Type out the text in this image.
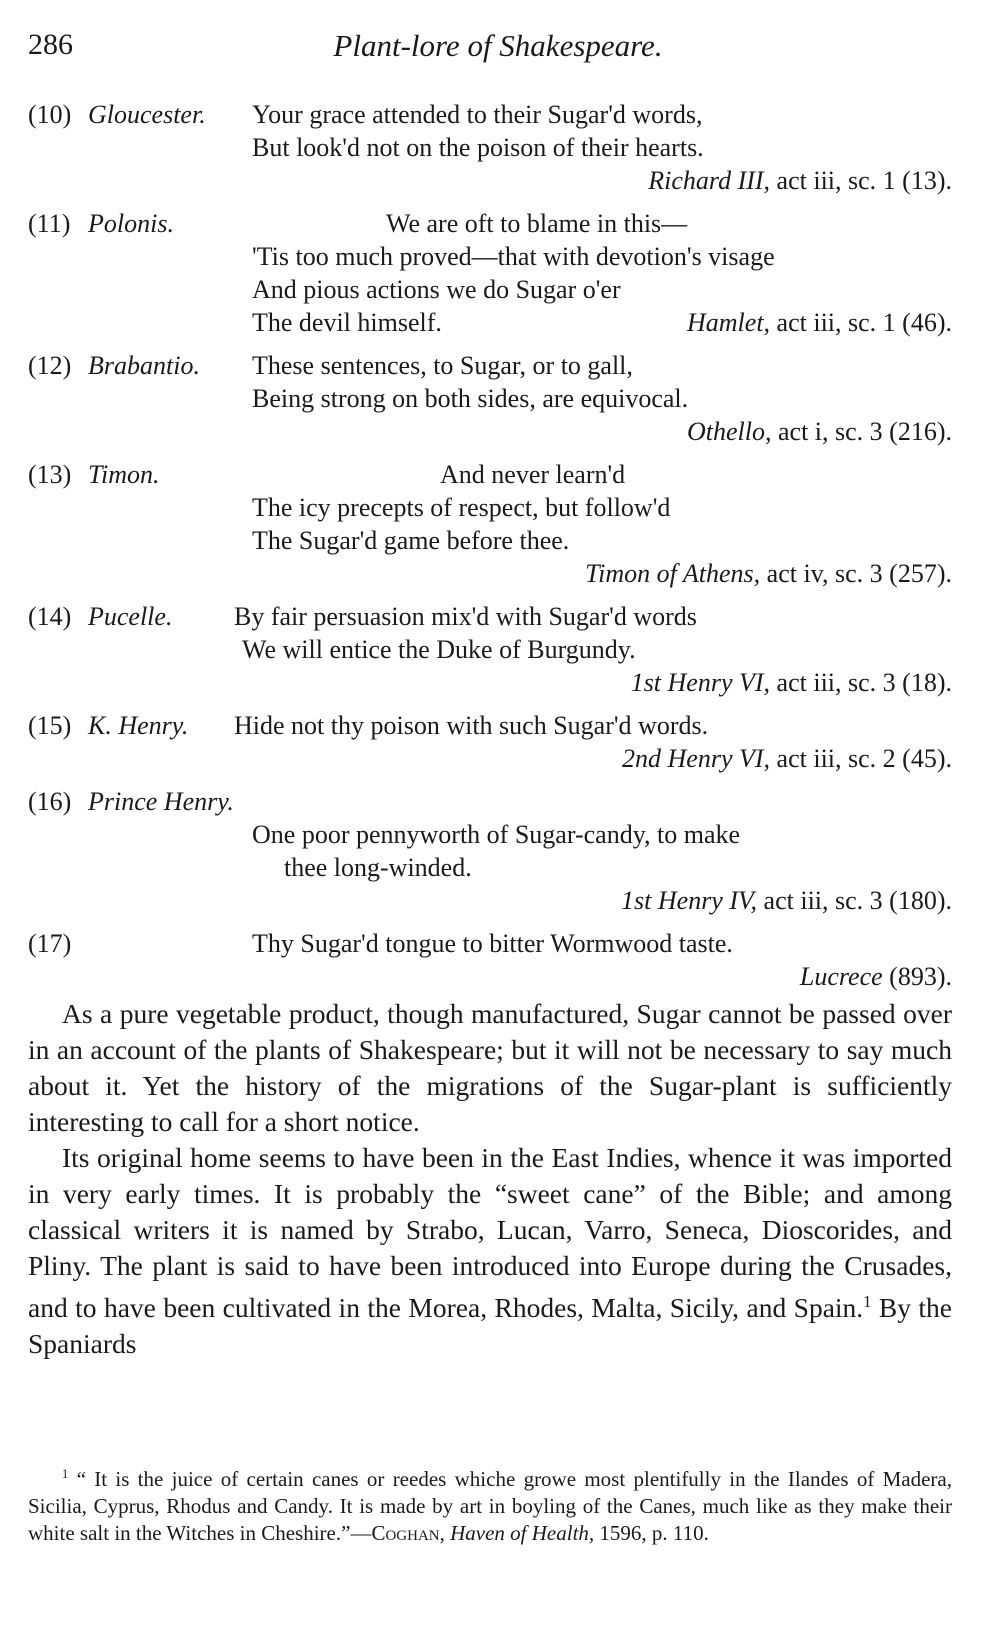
286	Plant-lore of Shakespeare.
(10) Gloucester.	Your grace attended to their Sugar'd words,
But look'd not on the poison of their hearts.
Richard III, act iii, sc. 1 (13).
(11) Polonis.	We are oft to blame in this—
'Tis too much proved—that with devotion's visage
And pious actions we do Sugar o'er
The devil himself.	Hamlet, act iii, sc. 1 (46).
(12) Brabantio.	These sentences, to Sugar, or to gall,
Being strong on both sides, are equivocal.
Othello, act i, sc. 3 (216).
(13) Timon.	And never learn'd
The icy precepts of respect, but follow'd
The Sugar'd game before thee.
Timon of Athens, act iv, sc. 3 (257).
(14) Pucelle.	By fair persuasion mix'd with Sugar'd words
We will entice the Duke of Burgundy.
1st Henry VI, act iii, sc. 3 (18).
(15) K. Henry.	Hide not thy poison with such Sugar'd words.
2nd Henry VI, act iii, sc. 2 (45).
(16) Prince Henry.
One poor pennyworth of Sugar-candy, to make
thee long-winded.
1st Henry IV, act iii, sc. 3 (180).
(17)	Thy Sugar'd tongue to bitter Wormwood taste.
Lucrece (893).

As a pure vegetable product, though manufactured, Sugar cannot be passed over in an account of the plants of Shakespeare; but it will not be necessary to say much about it. Yet the history of the migrations of the Sugar-plant is sufficiently interesting to call for a short notice.

Its original home seems to have been in the East Indies, whence it was imported in very early times. It is probably the “sweet cane” of the Bible; and among classical writers it is named by Strabo, Lucan, Varro, Seneca, Dioscorides, and Pliny. The plant is said to have been introduced into Europe during the Crusades, and to have been cultivated in the Morea, Rhodes, Malta, Sicily, and Spain.$^1$ By the Spaniards

$^1$ “ It is the juice of certain canes or reedes whiche growe most plentifully in the Ilandes of Madera, Sicilia, Cyprus, Rhodus and Candy. It is made by art in boyling of the Canes, much like as they make their white salt in the Witches in Cheshire.”—Coghan, Haven of Health, 1596, p. 110.
